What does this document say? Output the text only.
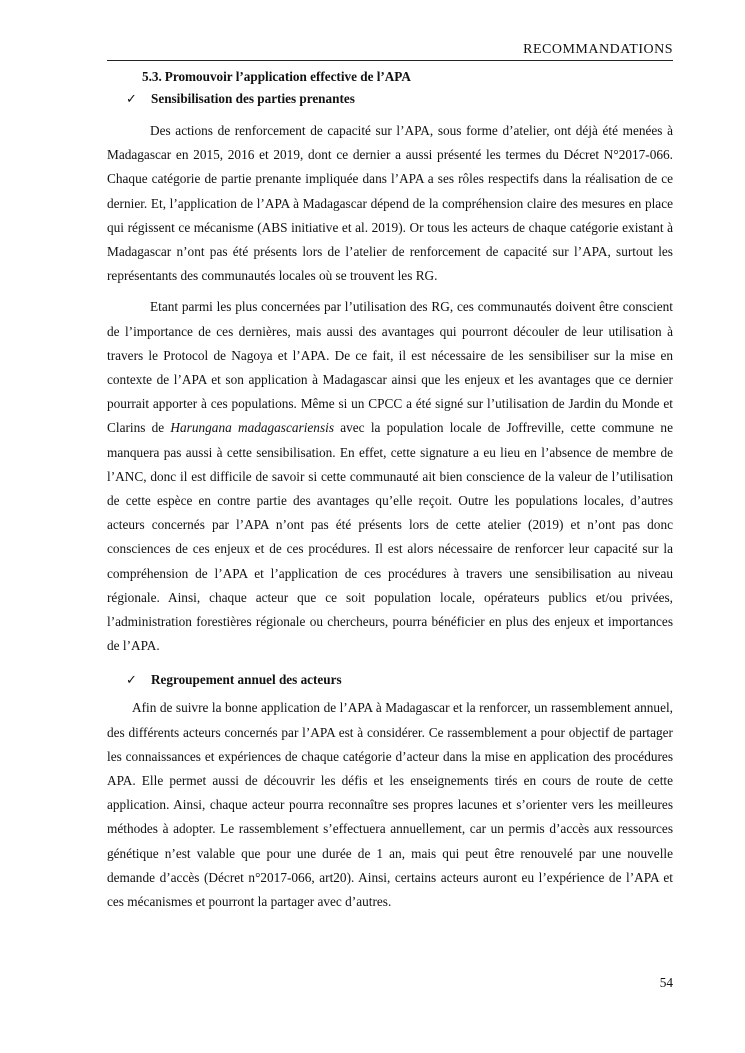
RECOMMANDATIONS
5.3. Promouvoir l’application effective de l’APA
✓ Sensibilisation des parties prenantes

Des actions de renforcement de capacité sur l’APA, sous forme d’atelier, ont déjà été menées à Madagascar en 2015, 2016 et 2019, dont ce dernier a aussi présenté les termes du Décret N°2017-066. Chaque catégorie de partie prenante impliquée dans l’APA a ses rôles respectifs dans la réalisation de ce dernier. Et, l’application de l’APA à Madagascar dépend de la compréhension claire des mesures en place qui régissent ce mécanisme (ABS initiative et al. 2019). Or tous les acteurs de chaque catégorie existant à Madagascar n’ont pas été présents lors de l’atelier de renforcement de capacité sur l’APA, surtout les représentants des communautés locales où se trouvent les RG.

Etant parmi les plus concernées par l’utilisation des RG, ces communautés doivent être conscient de l’importance de ces dernières, mais aussi des avantages qui pourront découler de leur utilisation à travers le Protocol de Nagoya et l’APA. De ce fait, il est nécessaire de les sensibiliser sur la mise en contexte de l’APA et son application à Madagascar ainsi que les enjeux et les avantages que ce dernier pourrait apporter à ces populations. Même si un CPCC a été signé sur l’utilisation de Jardin du Monde et Clarins de Harungana madagascariensis avec la population locale de Joffreville, cette commune ne manquera pas aussi à cette sensibilisation. En effet, cette signature a eu lieu en l’absence de membre de l’ANC, donc il est difficile de savoir si cette communauté ait bien conscience de la valeur de l’utilisation de cette espèce en contre partie des avantages qu’elle reçoit. Outre les populations locales, d’autres acteurs concernés par l’APA n’ont pas été présents lors de cette atelier (2019) et n’ont pas donc consciences de ces enjeux et de ces procédures. Il est alors nécessaire de renforcer leur capacité sur la compréhension de l’APA et l’application de ces procédures à travers une sensibilisation au niveau régionale. Ainsi, chaque acteur que ce soit population locale, opérateurs publics et/ou privées, l’administration forestières régionale ou chercheurs, pourra bénéficier en plus des enjeux et importances de l’APA.

✓ Regroupement annuel des acteurs

Afin de suivre la bonne application de l’APA à Madagascar et la renforcer, un rassemblement annuel, des différents acteurs concernés par l’APA est à considérer. Ce rassemblement a pour objectif de partager les connaissances et expériences de chaque catégorie d’acteur dans la mise en application des procédures APA. Elle permet aussi de découvrir les défis et les enseignements tirés en cours de route de cette application. Ainsi, chaque acteur pourra reconnaître ses propres lacunes et s’orienter vers les meilleures méthodes à adopter. Le rassemblement s’effectuera annuellement, car un permis d’accès aux ressources génétique n’est valable que pour une durée de 1 an, mais qui peut être renouvelé par une nouvelle demande d’accès (Décret n°2017-066, art20). Ainsi, certains acteurs auront eu l’expérience de l’APA et ces mécanismes et pourront la partager avec d’autres.

54
